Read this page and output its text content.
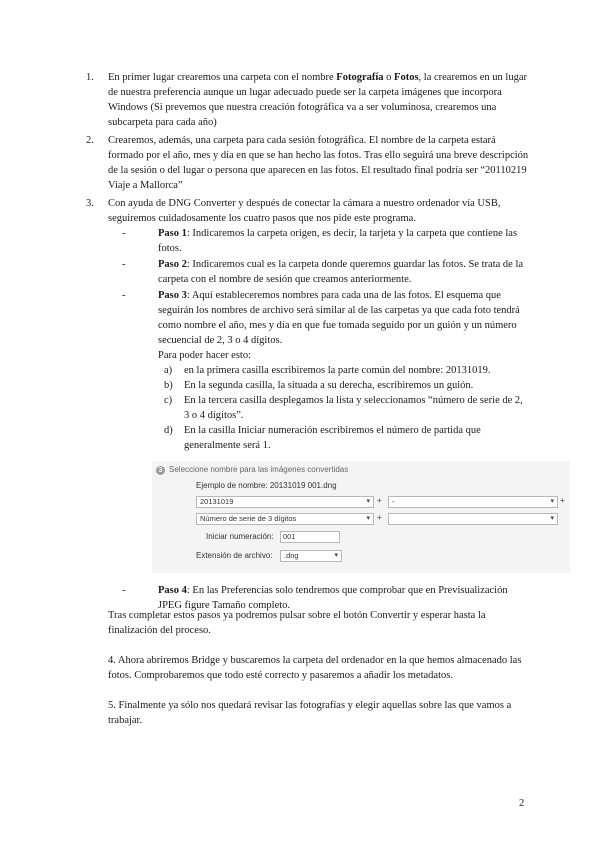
1.	En primer lugar crearemos una carpeta con el nombre Fotografía o Fotos, la crearemos en un lugar de nuestra preferencia aunque un lugar adecuado puede ser la carpeta imágenes que incorpora Windows (Si prevemos que nuestra creación fotográfica va a ser voluminosa, crearemos una subcarpeta para cada año)
2.	Crearemos, además, una carpeta para cada sesión fotográfica. El nombre de la carpeta estará formado por el año, mes y día en que se han hecho las fotos. Tras ello seguirá una breve descripción de la sesión o del lugar o persona que aparecen en las fotos. El resultado final podría ser “20110219 Viaje a Mallorca”
3.	Con ayuda de DNG Converter y después de conectar la cámara a nuestro ordenador vía USB, seguiremos cuidadosamente los cuatro pasos que nos pide este programa.
-	Paso 1: Indicaremos la carpeta origen, es decir, la tarjeta y la carpeta que contiene las fotos.
-	Paso 2: Indicaremos cual es la carpeta donde queremos guardar las fotos. Se trata de la carpeta con el nombre de sesión que creamos anteriormente.
-	Paso 3: Aquí estableceremos nombres para cada una de las fotos. El esquema que seguirán los nombres de archivo será similar al de las carpetas ya que cada foto tendrá como nombre el año, mes y día en que fue tomada seguido por un guión y un número secuencial de 2, 3 o 4 dígitos.
Para poder hacer esto:
a) en la primera casilla escribiremos la parte común del nombre: 20131019.
b) En la segunda casilla, la situada a su derecha, escribiremos un guión.
c) En la tercera casilla desplegamos la lista y seleccionamos “número de serie de 2, 3 o 4 dígitos”.
d) En la casilla Iniciar numeración escribiremos el número de partida que generalmente será 1.
3 Seleccione nombre para las imágenes convertidas
Ejemplo de nombre: 20131019 001.dng
20131019	▾ + -	▾ +
Número de serie de 3 dígitos	▾ +	▾
Iniciar numeración:	001
Extensión de archivo: .dng	▾
-	Paso 4: En las Preferencias solo tendremos que comprobar que en Previsualización JPEG figure Tamaño completo.
Tras completar estos pasos ya podremos pulsar sobre el botón Convertir y esperar hasta la finalización del proceso.
4. Ahora abriremos Bridge y buscaremos la carpeta del ordenador en la que hemos almacenado las fotos. Comprobaremos que todo esté correcto y pasaremos a añadir los metadatos.
5. Finalmente ya sólo nos quedará revisar las fotografías y elegir aquellas sobre las que vamos a trabajar.
2
